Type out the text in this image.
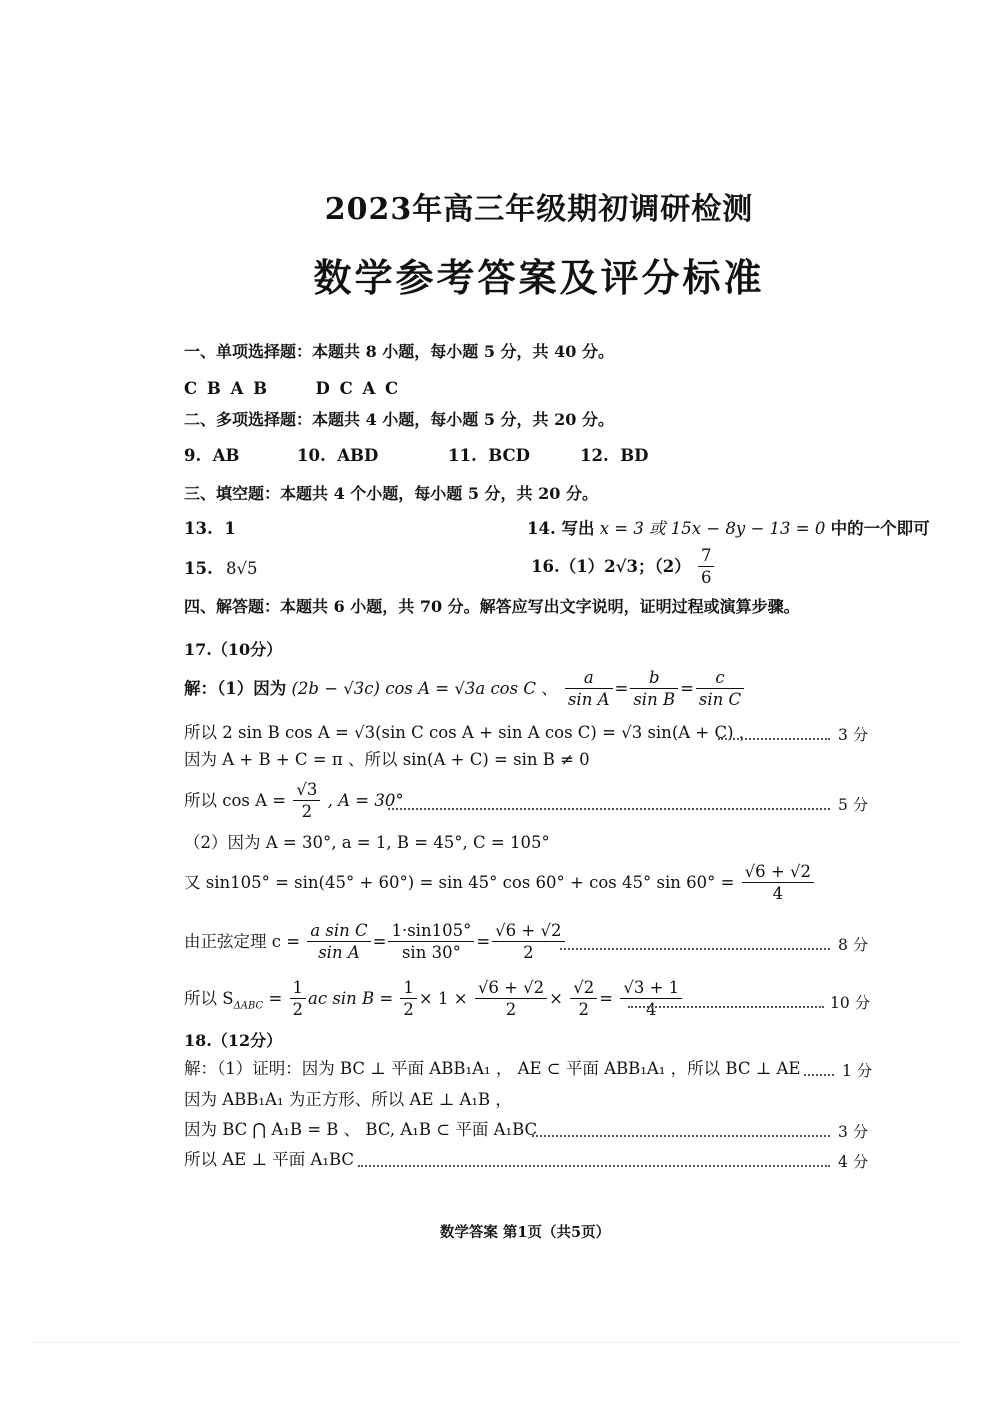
2023年高三年级期初调研检测
数学参考答案及评分标准
一、单项选择题：本题共 8 小题，每小题 5 分，共 40 分。
C B A B      D C A C
二、多项选择题：本题共 4 小题，每小题 5 分，共 20 分。
9.  AB	10.  ABD	11.  BCD	12.  BD
三、填空题：本题共 4 个小题，每小题 5 分，共 20 分。
13.  1	14. 写出 x = 3 或 15x − 8y − 13 = 0 中的一个即可
15. 8√5	16.（1）2√3；$(2) \frac{7}{6}$
四、解答题：本题共 6 小题，共 70 分。解答应写出文字说明，证明过程或演算步骤。
17.（10分）
解：（1）因为 (2b − √3c) cos A = √3a cos C 、 $\frac{a}{\text{sin A}} = \frac{b}{\text{sin B}} = \frac{c}{\text{sin C}}$
所以 2 sin B cos A = √3(sin C cos A + sin A cos C) = √3 sin(A + C) ，	3 分
因为 A + B + C = π 、所以 sin(A + C) = sin B ≠ 0
所以 $\cos A = \frac{√3}{2}$ , A = 30°	5 分
（2）因为 A = 30°, a = 1, B = 45°, C = 105°
又 sin105° = sin(45° + 60°) = sin 45° cos 60° + cos 45° $\sin 60^\circ = \frac{√6 + √2}{4}$
由正弦定理 $c = \frac{\text{a sin C}}{\text{sin A}} = \frac{1\cdot\sin 105^\circ}{\sin 30^\circ} = \frac{√6 + √2}{2}$	8 分
所以 $S_{\Delta ABC} = \frac{1}{2}$ ac $\sin B = \frac{1}{2} \times 1 \times \frac{√6 + √2}{2} \times \frac{√2}{2} = \frac{√3 + 1}{4}$	10 分
18.（12分）
解：（1）证明：因为 BC ⊥ 平面 ABB₁A₁ ， AE ⊂ 平面 ABB₁A₁ ，所以 BC ⊥ AE	1 分
因为 ABB₁A₁ 为正方形、所以 AE ⊥ A₁B ，
因为 BC ⋂ A₁B = B 、 BC, A₁B ⊂ 平面 A₁BC	3 分
所以 AE ⊥ 平面 A₁BC	4 分
数学答案 第1页（共5页）
